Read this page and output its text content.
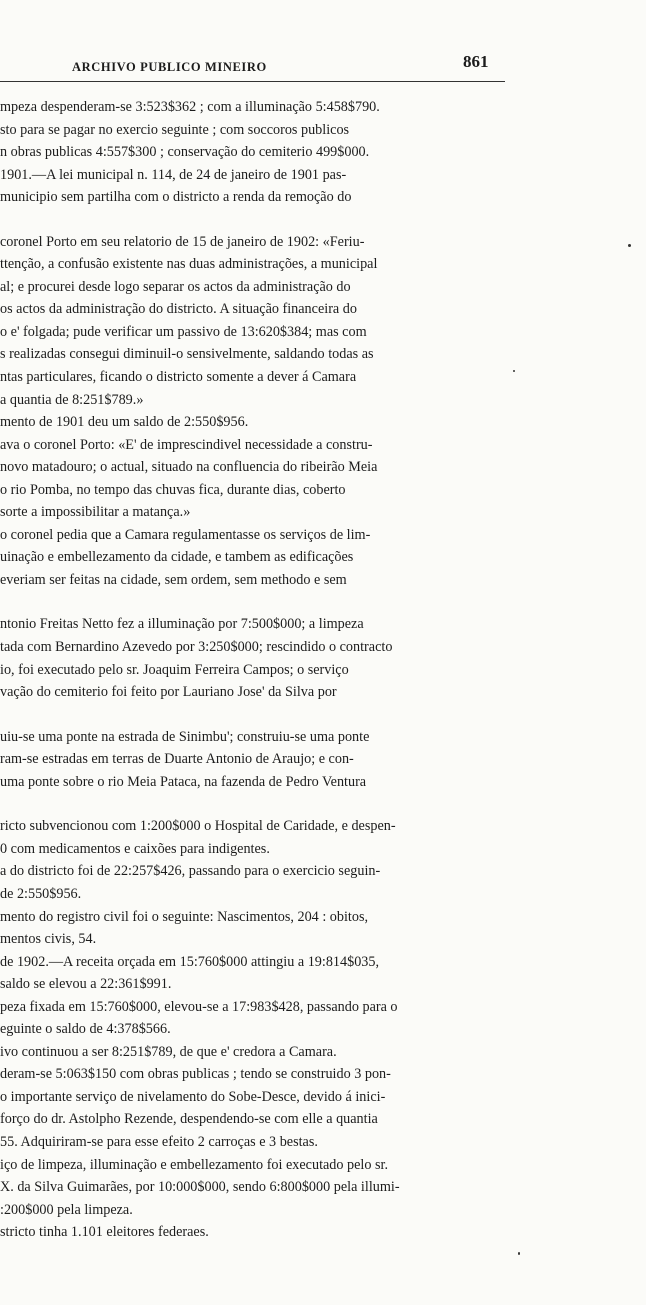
ARCHIVO PUBLICO MINEIRO	861
mpeza despenderam-se 3:523$362 ; com a illuminação 5:458$790.
sto para se pagar no exercio seguinte ; com soccoros publicos
n obras publicas 4:557$300 ; conservação do cemiterio 499$000.
1901.—A lei municipal n. 114, de 24 de janeiro de 1901 pas-
municipio sem partilha com o districto a renda da remoção do
coronel Porto em seu relatorio de 15 de janeiro de 1902: «Feriu-
ttenção, a confusão existente nas duas administrações, a municipal
al; e procurei desde logo separar os actos da administração do
os actos da administração do districto. A situação financeira do
o e' folgada; pude verificar um passivo de 13:620$384; mas com
s realizadas consegui diminuil-o sensivelmente, saldando todas as
ntas particulares, ficando o districto somente a dever á Camara
a quantia de 8:251$789.»
mento de 1901 deu um saldo de 2:550$956.
ava o coronel Porto: «E' de imprescindivel necessidade a constru-
novo matadouro; o actual, situado na confluencia do ribeirão Meia
o rio Pomba, no tempo das chuvas fica, durante dias, coberto
sorte a impossibilitar a matança.»
o coronel pedia que a Camara regulamentasse os serviços de lim-
uinação e embellezamento da cidade, e tambem as edificações
everiam ser feitas na cidade, sem ordem, sem methodo e sem
ntonio Freitas Netto fez a illuminação por 7:500$000; a limpeza
tada com Bernardino Azevedo por 3:250$000; rescindido o contracto
io, foi executado pelo sr. Joaquim Ferreira Campos; o serviço
vação do cemiterio foi feito por Lauriano Jose' da Silva por
uiu-se uma ponte na estrada de Sinimbu'; construiu-se uma ponte
ram-se estradas em terras de Duarte Antonio de Araujo; e con-
uma ponte sobre o rio Meia Pataca, na fazenda de Pedro Ventura
ricto subvencionou com 1:200$000 o Hospital de Caridade, e despen-
0 com medicamentos e caixões para indigentes.
a do districto foi de 22:257$426, passando para o exercicio seguin-
de 2:550$956.
mento do registro civil foi o seguinte: Nascimentos, 204 : obitos,
mentos civis, 54.
de 1902.—A receita orçada em 15:760$000 attingiu a 19:814$035,
saldo se elevou a 22:361$991.
peza fixada em 15:760$000, elevou-se a 17:983$428, passando para o
eguinte o saldo de 4:378$566.
ivo continuou a ser 8:251$789, de que e' credora a Camara.
deram-se 5:063$150 com obras publicas ; tendo se construido 3 pon-
o importante serviço de nivelamento do Sobe-Desce, devido á inici-
forço do dr. Astolpho Rezende, despendendo-se com elle a quantia
55. Adquiriram-se para esse efeito 2 carroças e 3 bestas.
iço de limpeza, illuminação e embellezamento foi executado pelo sr.
X. da Silva Guimarães, por 10:000$000, sendo 6:800$000 pela illumi-
:200$000 pela limpeza.
stricto tinha 1.101 eleitores federaes.
